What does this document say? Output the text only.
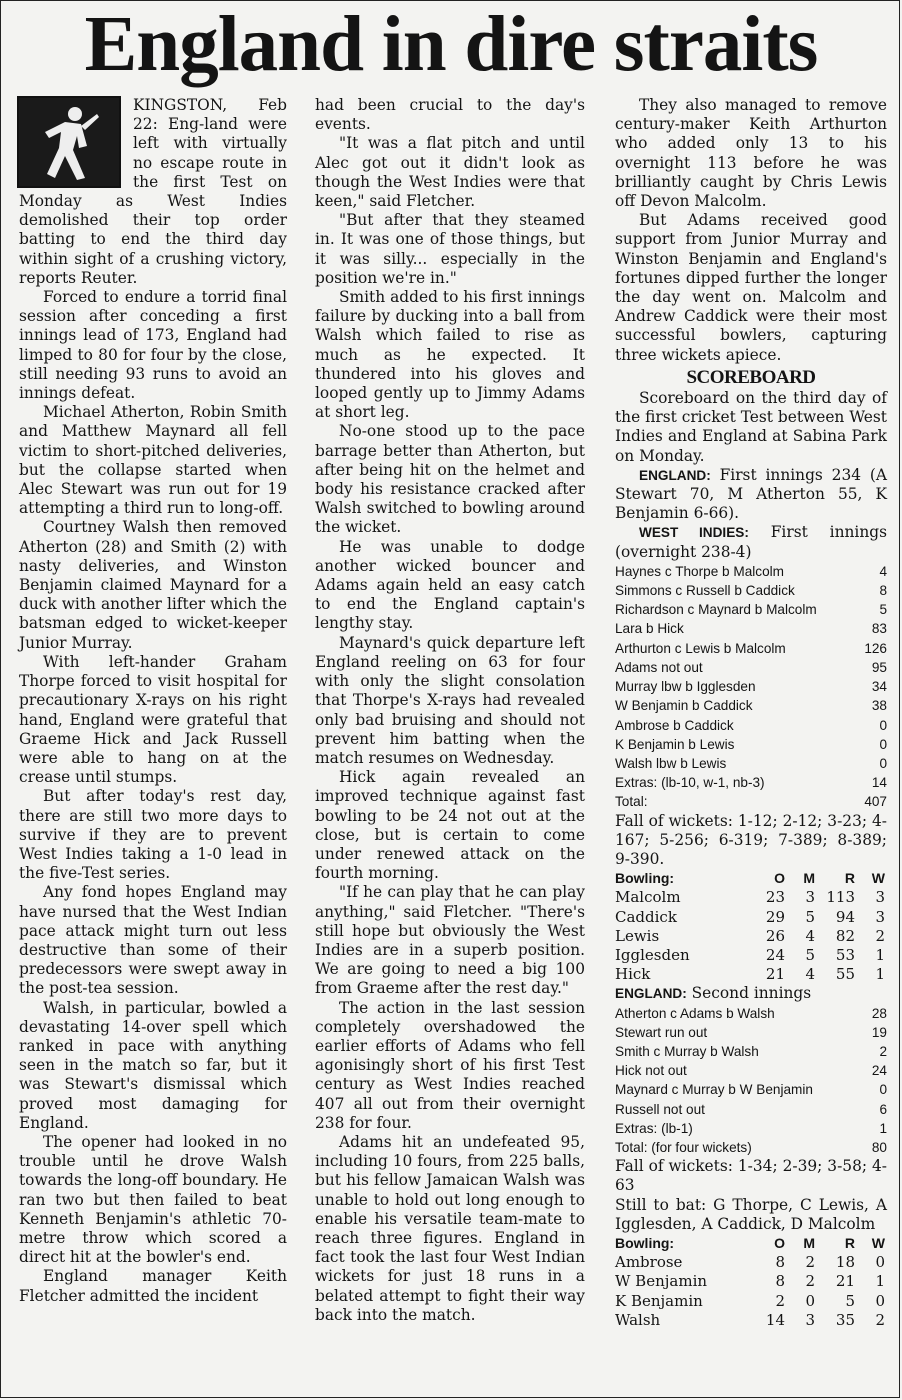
England in dire straits

KINGSTON, Feb 22: Eng-land were left with virtually no escape route in the first Test on Monday as West Indies demolished their top order batting to end the third day within sight of a crushing victory, reports Reuter.

Forced to endure a torrid final session after conceding a first innings lead of 173, England had limped to 80 for four by the close, still needing 93 runs to avoid an innings defeat.

Michael Atherton, Robin Smith and Matthew Maynard all fell victim to short-pitched deliveries, but the collapse started when Alec Stewart was run out for 19 attempting a third run to long-off.

Courtney Walsh then removed Atherton (28) and Smith (2) with nasty deliveries, and Winston Benjamin claimed Maynard for a duck with another lifter which the batsman edged to wicket-keeper Junior Murray.

With left-hander Graham Thorpe forced to visit hospital for precautionary X-rays on his right hand, England were grateful that Graeme Hick and Jack Russell were able to hang on at the crease until stumps.

But after today's rest day, there are still two more days to survive if they are to prevent West Indies taking a 1-0 lead in the five-Test series.

Any fond hopes England may have nursed that the West Indian pace attack might turn out less destructive than some of their predecessors were swept away in the post-tea session.

Walsh, in particular, bowled a devastating 14-over spell which ranked in pace with anything seen in the match so far, but it was Stewart's dismissal which proved most damaging for England.

The opener had looked in no trouble until he drove Walsh towards the long-off boundary. He ran two but then failed to beat Kenneth Benjamin's athletic 70-metre throw which scored a direct hit at the bowler's end.

England manager Keith Fletcher admitted the incident

had been crucial to the day's events.

"It was a flat pitch and until Alec got out it didn't look as though the West Indies were that keen," said Fletcher.

"But after that they steamed in. It was one of those things, but it was silly... especially in the position we're in."

Smith added to his first innings failure by ducking into a ball from Walsh which failed to rise as much as he expected. It thundered into his gloves and looped gently up to Jimmy Adams at short leg.

No-one stood up to the pace barrage better than Atherton, but after being hit on the helmet and body his resistance cracked after Walsh switched to bowling around the wicket.

He was unable to dodge another wicked bouncer and Adams again held an easy catch to end the England captain's lengthy stay.

Maynard's quick departure left England reeling on 63 for four with only the slight consolation that Thorpe's X-rays had revealed only bad bruising and should not prevent him batting when the match resumes on Wednesday.

Hick again revealed an improved technique against fast bowling to be 24 not out at the close, but is certain to come under renewed attack on the fourth morning.

"If he can play that he can play anything," said Fletcher. "There's still hope but obviously the West Indies are in a superb position. We are going to need a big 100 from Graeme after the rest day."

The action in the last session completely overshadowed the earlier efforts of Adams who fell agonisingly short of his first Test century as West Indies reached 407 all out from their overnight 238 for four.

Adams hit an undefeated 95, including 10 fours, from 225 balls, but his fellow Jamaican Walsh was unable to hold out long enough to enable his versatile team-mate to reach three figures. England in fact took the last four West Indian wickets for just 18 runs in a belated attempt to fight their way back into the match.

They also managed to remove century-maker Keith Arthurton who added only 13 to his overnight 113 before he was brilliantly caught by Chris Lewis off Devon Malcolm.

But Adams received good support from Junior Murray and Winston Benjamin and England's fortunes dipped further the longer the day went on. Malcolm and Andrew Caddick were their most successful bowlers, capturing three wickets apiece.

SCOREBOARD

Scoreboard on the third day of the first cricket Test between West Indies and England at Sabina Park on Monday.

ENGLAND: First innings 234 (A Stewart 70, M Atherton 55, K Benjamin 6-66).

WEST INDIES: First innings (overnight 238-4)

Haynes c Thorpe b Malcolm	4
Simmons c Russell b Caddick	8
Richardson c Maynard b Malcolm	5
Lara b Hick	83
Arthurton c Lewis b Malcolm	126
Adams not out	95
Murray lbw b Igglesden	34
W Benjamin b Caddick	38
Ambrose b Caddick	0
K Benjamin b Lewis	0
Walsh lbw b Lewis	0
Extras: (lb-10, w-1, nb-3)	14
Total:	407

Fall of wickets: 1-12; 2-12; 3-23; 4-167; 5-256; 6-319; 7-389; 8-389; 9-390.

Bowling:	O	M	R	W
Malcolm	23	3	113	3
Caddick	29	5	94	3
Lewis	26	4	82	2
Igglesden	24	5	53	1
Hick	21	4	55	1

ENGLAND: Second innings

Atherton c Adams b Walsh	28
Stewart run out	19
Smith c Murray b Walsh	2
Hick not out	24
Maynard c Murray b W Benjamin	0
Russell not out	6
Extras: (lb-1)	1
Total: (for four wickets)	80

Fall of wickets: 1-34; 2-39; 3-58; 4-63

Still to bat: G Thorpe, C Lewis, A Igglesden, A Caddick, D Malcolm

Bowling:	O	M	R	W
Ambrose	8	2	18	0
W Benjamin	8	2	21	1
K Benjamin	2	0	5	0
Walsh	14	3	35	2
